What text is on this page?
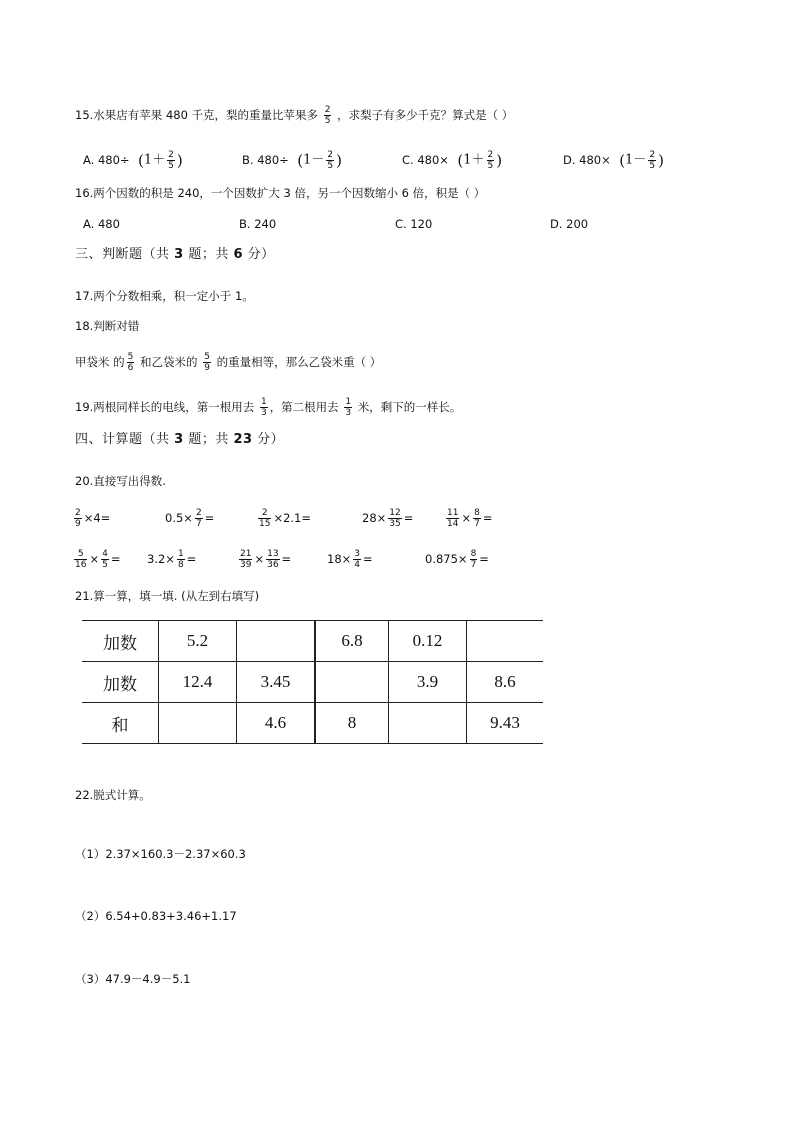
15.水果店有苹果 480 千克，梨的重量比苹果多 $\frac{2}{5}$ ，求梨子有多少千克？算式是（ ）
A. $480\div (1+ \frac{2}{5}$ )	B. $480\div (1- \frac{2}{5}$ )	C. $480\times (1+ \frac{2}{5}$ )	D. $480\times (1- \frac{2}{5}$ )
16.两个因数的积是 240，一个因数扩大 3 倍，另一个因数缩小 6 倍，积是（ ）
A. 480	B. 240	C. 120	D. 200
三、判断题（共 3 题；共 6 分）
17.两个分数相乘，积一定小于 1。
18.判断对错
甲袋米 的 $\frac{5}{6}$ 和乙袋米的 $\frac{5}{9}$ 的重量相等，那么乙袋米重（ ）
19.两根同样长的电线，第一根用去 $\frac{1}{3}$ ，第二根用去 $\frac{1}{3}$ 米，剩下的一样长。
四、计算题（共 3 题；共 23 分）
20.直接写出得数.
$\frac{2}{9} \times 4=$	$0.5\times \frac{2}{7}$ =	$\frac{2}{15} \times 2.1=$	$28\times \frac{12}{35}$ =	$\frac{11}{14} \times \frac{8}{7}$ =
$\frac{5}{16} \times \frac{4}{5} = 3.2\times \frac{1}{8}$ =	$\frac{21}{39} \times \frac{13}{36}$ =	$18\times \frac{3}{4}$ =	$0.875\times \frac{8}{7}$ =
21.算一算，填一填. (从左到右填写)
加数	5.2		6.8	0.12	
加数	12.4	3.45		3.9	8.6
和		4.6	8		9.43
22.脱式计算。
（1）2.37×160.3－2.37×60.3
（2）6.54+0.83+3.46+1.17
（3）47.9－4.9－5.1
